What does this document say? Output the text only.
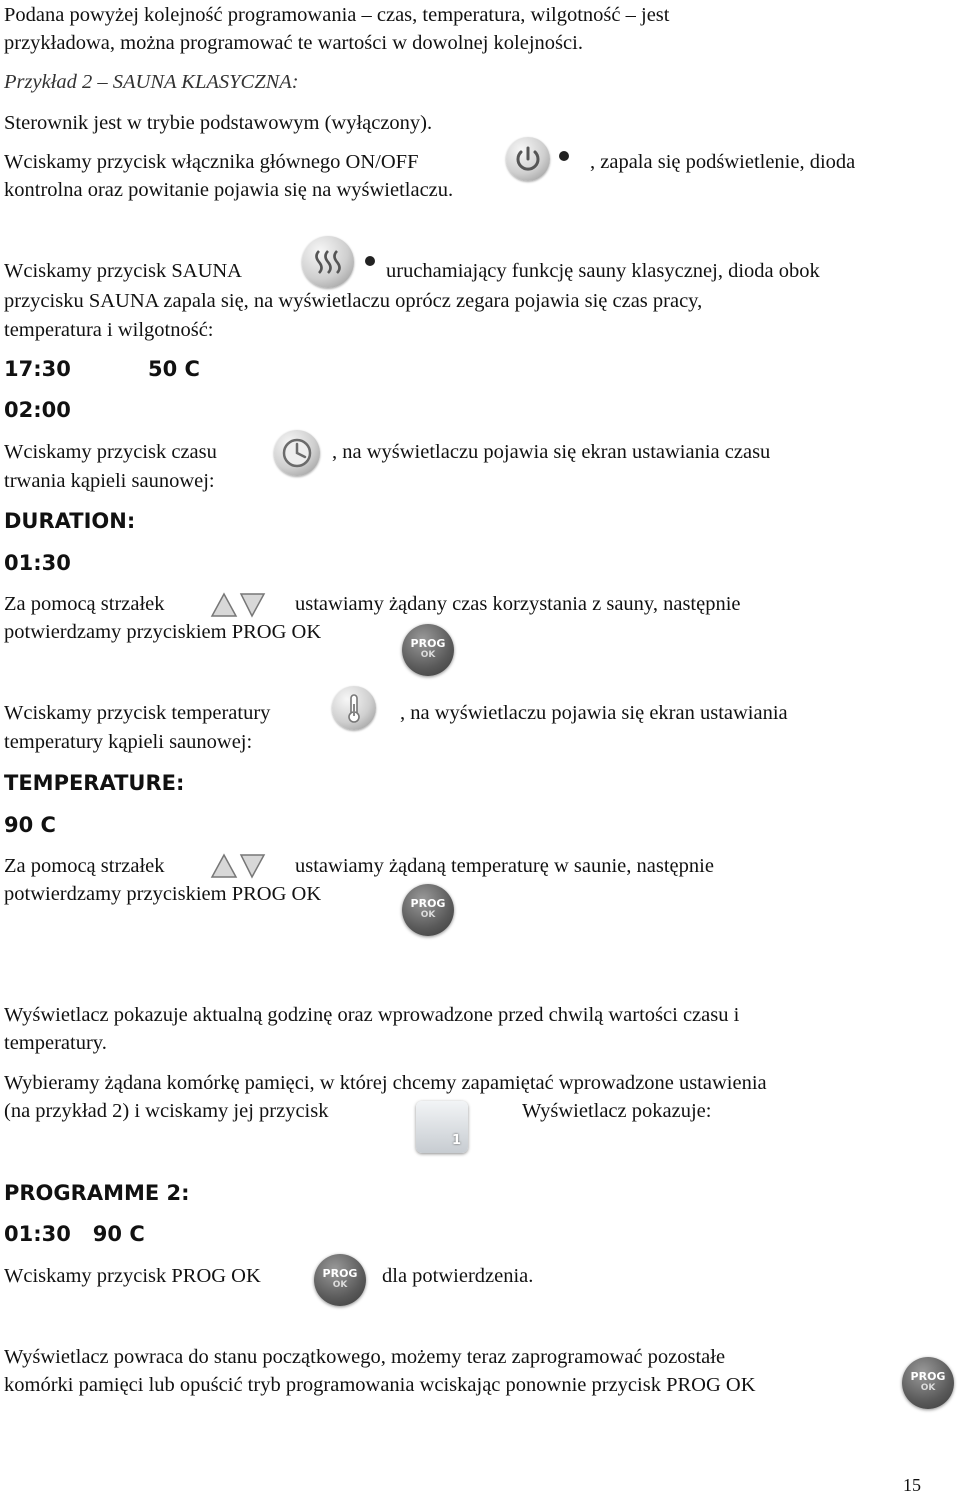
Podana powyżej kolejność programowania – czas, temperatura, wilgotność – jest
przykładowa, można programować te wartości w dowolnej kolejności.
Przykład 2 – SAUNA KLASYCZNA:
Sterownik jest w trybie podstawowym (wyłączony).
Wciskamy przycisk włącznika głównego ON/OFF	, zapala się podświetlenie, dioda
kontrolna oraz powitanie pojawia się na wyświetlaczu.
Wciskamy przycisk SAUNA	uruchamiający funkcję sauny klasycznej, dioda obok
przycisku SAUNA zapala się, na wyświetlaczu oprócz zegara pojawia się czas pracy,
temperatura i wilgotność:
17:30	50 C
02:00
Wciskamy przycisk czasu	, na wyświetlaczu pojawia się ekran ustawiania czasu
trwania kąpieli saunowej:
DURATION:
01:30
Za pomocą strzałek	ustawiamy żądany czas korzystania z sauny, następnie
potwierdzamy przyciskiem PROG OK
PROG
OK
Wciskamy przycisk temperatury	, na wyświetlaczu pojawia się ekran ustawiania
temperatury kąpieli saunowej:
TEMPERATURE:
90 C
Za pomocą strzałek	ustawiamy żądaną temperaturę w saunie, następnie
potwierdzamy przyciskiem PROG OK	PROG
OK
Wyświetlacz pokazuje aktualną godzinę oraz wprowadzone przed chwilą wartości czasu i
temperatury.
Wybieramy żądana komórkę pamięci, w której chcemy zapamiętać wprowadzone ustawienia
(na przykład 2) i wciskamy jej przycisk
1
Wyświetlacz pokazuje:
PROGRAMME 2:
01:30   90 C
Wciskamy przycisk PROG OK	PROG
OK	dla potwierdzenia.
Wyświetlacz powraca do stanu początkowego, możemy teraz zaprogramować pozostałe
komórki pamięci lub opuścić tryb programowania wciskając ponownie przycisk PROG OK	PROG
OK
15
